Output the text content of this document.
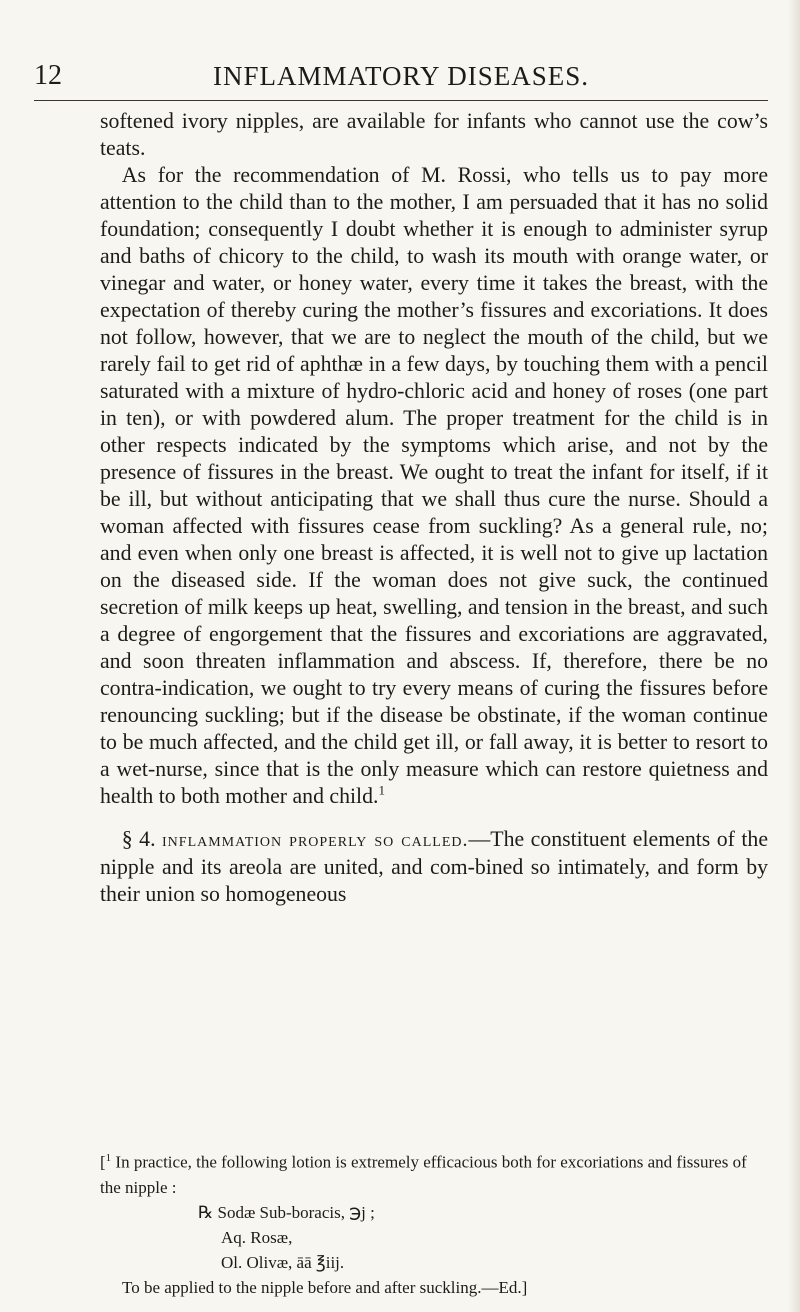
12	INFLAMMATORY DISEASES.

softened ivory nipples, are available for infants who cannot use the cow’s teats.

As for the recommendation of M. Rossi, who tells us to pay more attention to the child than to the mother, I am persuaded that it has no solid foundation; consequently I doubt whether it is enough to administer syrup and baths of chicory to the child, to wash its mouth with orange water, or vinegar and water, or honey water, every time it takes the breast, with the expectation of thereby curing the mother’s fissures and excoriations. It does not follow, however, that we are to neglect the mouth of the child, but we rarely fail to get rid of aphthæ in a few days, by touching them with a pencil saturated with a mixture of hydro-chloric acid and honey of roses (one part in ten), or with powdered alum. The proper treatment for the child is in other respects indicated by the symptoms which arise, and not by the presence of fissures in the breast. We ought to treat the infant for itself, if it be ill, but without anticipating that we shall thus cure the nurse. Should a woman affected with fissures cease from suckling? As a general rule, no; and even when only one breast is affected, it is well not to give up lactation on the diseased side. If the woman does not give suck, the continued secretion of milk keeps up heat, swelling, and tension in the breast, and such a degree of engorgement that the fissures and excoriations are aggravated, and soon threaten inflammation and abscess. If, therefore, there be no contra-indication, we ought to try every means of curing the fissures before renouncing suckling; but if the disease be obstinate, if the woman continue to be much affected, and the child get ill, or fall away, it is better to resort to a wet-nurse, since that is the only measure which can restore quietness and health to both mother and child.$^1$

§ 4. inflammation properly so called.—The constituent elements of the nipple and its areola are united, and com-bined so intimately, and form by their union so homogeneous

[$^1$ In practice, the following lotion is extremely efficacious both for excoriations and fissures of the nipple :

℞ Sodæ Sub-boracis, ℈j ;
Aq. Rosæ,
Ol. Olivæ, āā ℥iij.

To be applied to the nipple before and after suckling.—Ed.]
